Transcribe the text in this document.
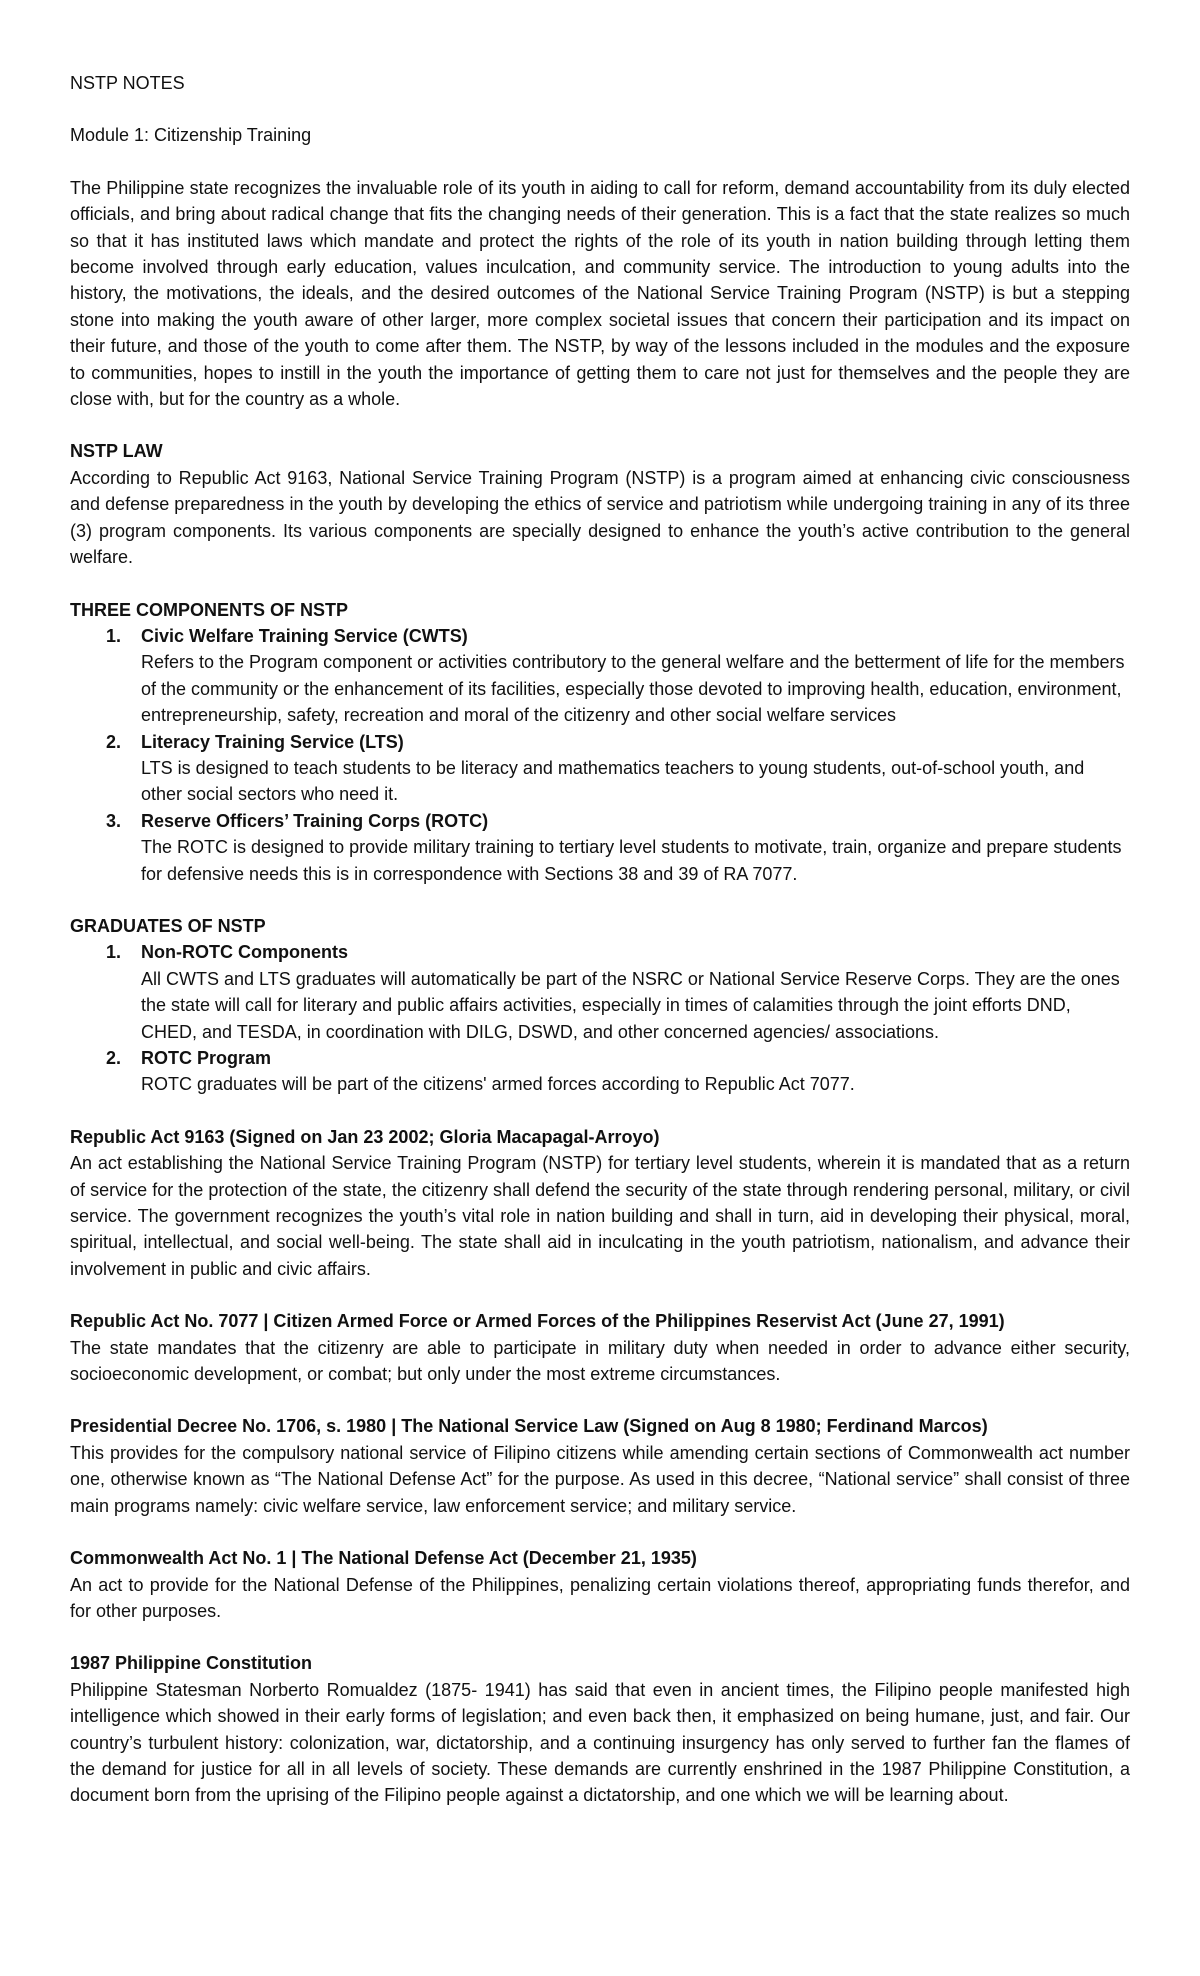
NSTP NOTES

Module 1: Citizenship Training

The Philippine state recognizes the invaluable role of its youth in aiding to call for reform, demand accountability from its duly elected officials, and bring about radical change that fits the changing needs of their generation. This is a fact that the state realizes so much so that it has instituted laws which mandate and protect the rights of the role of its youth in nation building through letting them become involved through early education, values inculcation, and community service. The introduction to young adults into the history, the motivations, the ideals, and the desired outcomes of the National Service Training Program (NSTP) is but a stepping stone into making the youth aware of other larger, more complex societal issues that concern their participation and its impact on their future, and those of the youth to come after them. The NSTP, by way of the lessons included in the modules and the exposure to communities, hopes to instill in the youth the importance of getting them to care not just for themselves and the people they are close with, but for the country as a whole.

NSTP LAW

According to Republic Act 9163, National Service Training Program (NSTP) is a program aimed at enhancing civic consciousness and defense preparedness in the youth by developing the ethics of service and patriotism while undergoing training in any of its three (3) program components. Its various components are specially designed to enhance the youth’s active contribution to the general welfare.

THREE COMPONENTS OF NSTP

1. Civic Welfare Training Service (CWTS)

Refers to the Program component or activities contributory to the general welfare and the betterment of life for the members of the community or the enhancement of its facilities, especially those devoted to improving health, education, environment, entrepreneurship, safety, recreation and moral of the citizenry and other social welfare services

2. Literacy Training Service (LTS)

LTS is designed to teach students to be literacy and mathematics teachers to young students, out-of-school youth, and other social sectors who need it.

3. Reserve Officers’ Training Corps (ROTC)

The ROTC is designed to provide military training to tertiary level students to motivate, train, organize and prepare students for defensive needs this is in correspondence with Sections 38 and 39 of RA 7077.

GRADUATES OF NSTP

1. Non-ROTC Components

All CWTS and LTS graduates will automatically be part of the NSRC or National Service Reserve Corps. They are the ones the state will call for literary and public affairs activities, especially in times of calamities through the joint efforts DND, CHED, and TESDA, in coordination with DILG, DSWD, and other concerned agencies/ associations.

2. ROTC Program

ROTC graduates will be part of the citizens' armed forces according to Republic Act 7077.

Republic Act 9163 (Signed on Jan 23 2002; Gloria Macapagal-Arroyo)

An act establishing the National Service Training Program (NSTP) for tertiary level students, wherein it is mandated that as a return of service for the protection of the state, the citizenry shall defend the security of the state through rendering personal, military, or civil service. The government recognizes the youth’s vital role in nation building and shall in turn, aid in developing their physical, moral, spiritual, intellectual, and social well-being. The state shall aid in inculcating in the youth patriotism, nationalism, and advance their involvement in public and civic affairs.

Republic Act No. 7077 | Citizen Armed Force or Armed Forces of the Philippines Reservist Act (June 27, 1991)

The state mandates that the citizenry are able to participate in military duty when needed in order to advance either security, socioeconomic development, or combat; but only under the most extreme circumstances.

Presidential Decree No. 1706, s. 1980 | The National Service Law (Signed on Aug 8 1980; Ferdinand Marcos)

This provides for the compulsory national service of Filipino citizens while amending certain sections of Commonwealth act number one, otherwise known as “The National Defense Act” for the purpose. As used in this decree, “National service” shall consist of three main programs namely: civic welfare service, law enforcement service; and military service.

Commonwealth Act No. 1 | The National Defense Act (December 21, 1935)

An act to provide for the National Defense of the Philippines, penalizing certain violations thereof, appropriating funds therefor, and for other purposes.

1987 Philippine Constitution

Philippine Statesman Norberto Romualdez (1875- 1941) has said that even in ancient times, the Filipino people manifested high intelligence which showed in their early forms of legislation; and even back then, it emphasized on being humane, just, and fair. Our country’s turbulent history: colonization, war, dictatorship, and a continuing insurgency has only served to further fan the flames of the demand for justice for all in all levels of society. These demands are currently enshrined in the 1987 Philippine Constitution, a document born from the uprising of the Filipino people against a dictatorship, and one which we will be learning about.
